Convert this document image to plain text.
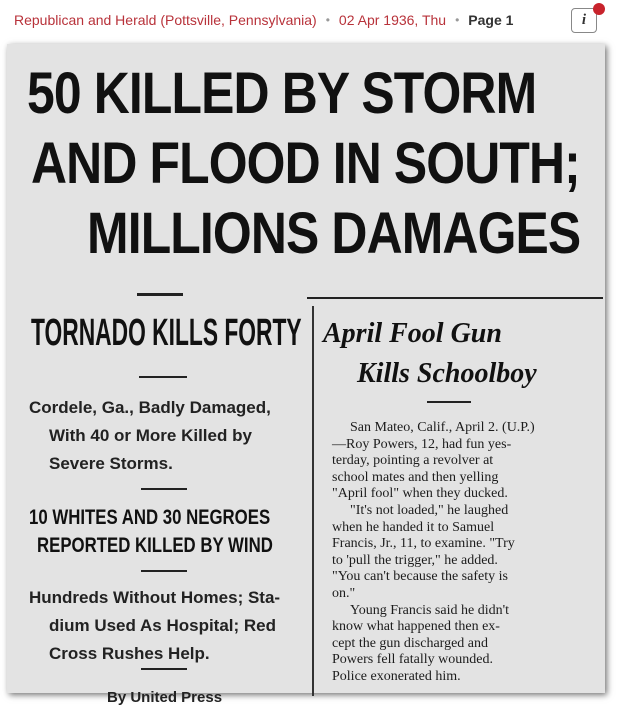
Republican and Herald (Pottsville, Pennsylvania) • 02 Apr 1936, Thu • Page 1	i
50 KILLED BY STORM
AND FLOOD IN SOUTH;
MILLIONS DAMAGES
TORNADO KILLS FORTY
Cordele, Ga., Badly Damaged,
With 40 or More Killed by
Severe Storms.
10 WHITES AND 30 NEGROES
REPORTED KILLED BY WIND
Hundreds Without Homes; Sta-
dium Used As Hospital; Red
Cross Rushes Help.
By United Press
April Fool Gun
Kills Schoolboy
San Mateo, Calif., April 2. (U.P.)
—Roy Powers, 12, had fun yes-
terday, pointing a revolver at
school mates and then yelling
"April fool" when they ducked.
"It's not loaded," he laughed
when he handed it to Samuel
Francis, Jr., 11, to examine. "Try
to 'pull the trigger," he added.
"You can't because the safety is
on."
Young Francis said he didn't
know what happened then ex-
cept the gun discharged and
Powers fell fatally wounded.
Police exonerated him.
